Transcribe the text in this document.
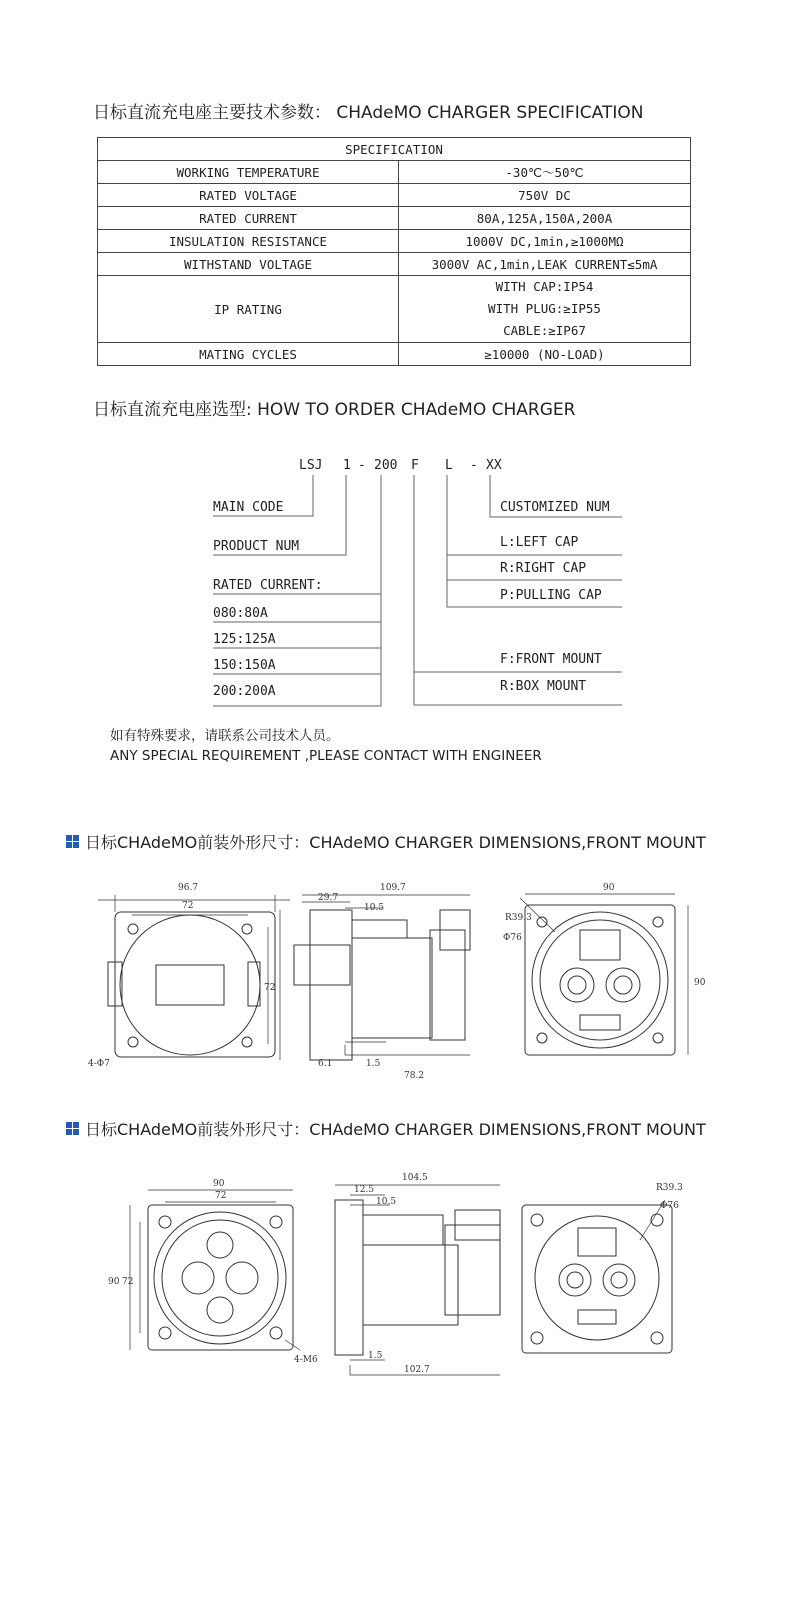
日标直流充电座主要技术参数： CHAdeMO CHARGER SPECIFICATION
SPECIFICATION	
WORKING TEMPERATURE	-30℃～50℃
RATED VOLTAGE	750V DC
RATED CURRENT	80A,125A,150A,200A
INSULATION RESISTANCE	1000V DC,1min,≥1000MΩ
WITHSTAND VOLTAGE	3000V AC,1min,LEAK CURRENT≤5mA
IP RATING	WITH CAP:IP54
WITH PLUG:≥IP55
CABLE:≥IP67

MATING CYCLES	≥10000 (NO-LOAD)
日标直流充电座选型: HOW TO ORDER CHAdeMO CHARGER
LSJ 1 - 200 F L - XX
MAIN CODE
PRODUCT NUM
RATED CURRENT:
080:80A
125:125A
150:150A
200:200A
CUSTOMIZED NUM
L:LEFT CAP
R:RIGHT CAP
P:PULLING CAP
F:FRONT MOUNT
R:BOX MOUNT
如有特殊要求，请联系公司技术人员。
ANY SPECIAL REQUIREMENT ,PLEASE CONTACT WITH ENGINEER
日标CHAdeMO前装外形尺寸：CHAdeMO CHARGER DIMENSIONS,FRONT MOUNT
96.7
72
72
4-Φ7
109.7
29.7
10.5
6.1	1.5
78.2
90
90
R39.3
Φ76
日标CHAdeMO前装外形尺寸：CHAdeMO CHARGER DIMENSIONS,FRONT MOUNT
90
72
90 72
4-M6
104.5
12.5
10.5
1.5
102.7
R39.3
Φ76
